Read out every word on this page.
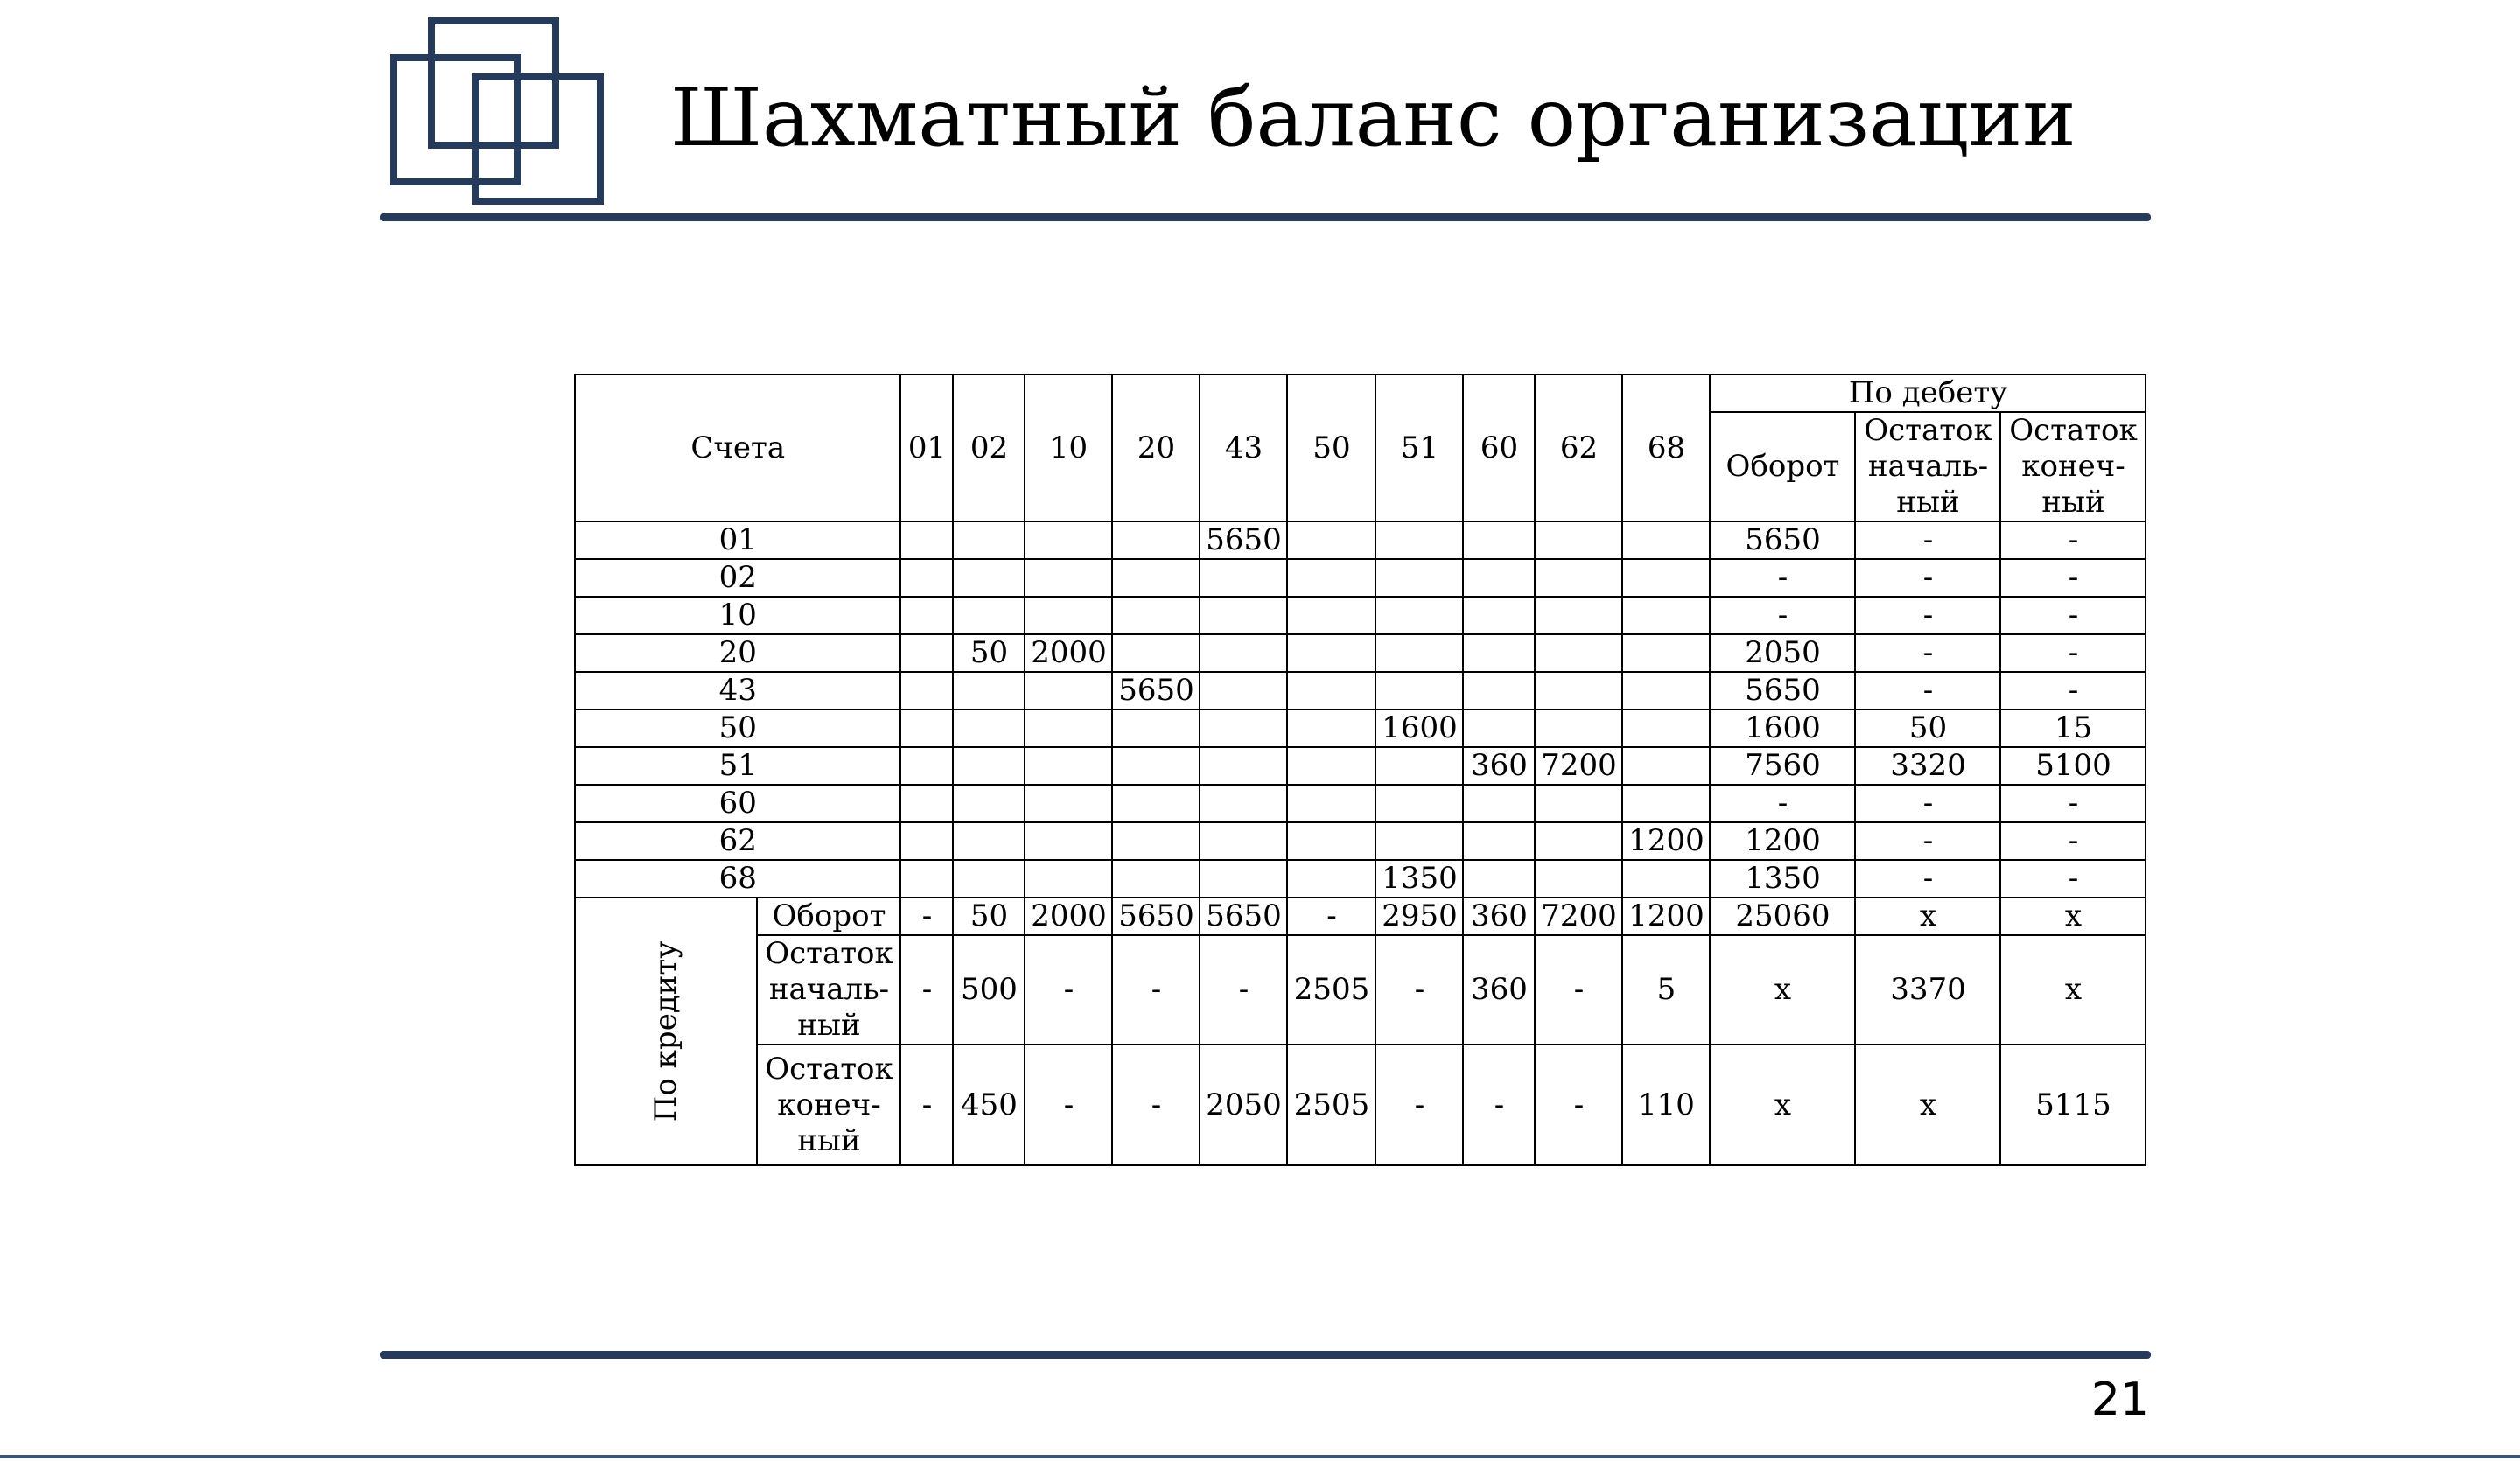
Шахматный баланс организации
Счета		01	02	10	20	43	50	51	60	62	68	По дебету		
												Оборот	Остаток началь-ный	Остаток конеч-ный
01						5650						5650	-	-
02												-	-	-
10												-	-	-
20			50	2000								2050	-	-
43					5650							5650	-	-
50								1600				1600	50	15
51									360	7200		7560	3320	5100
60												-	-	-
62											1200	1200	-	-
68								1350				1350	-	-
По кредиту	Оборот	-	50	2000	5650	5650	-	2950	360	7200	1200	25060	x	x
	Остаток началь-ный	-	500	-	-	-	2505	-	360	-	5	x	3370	x
	Остаток конеч-ный	-	450	-	-	2050	2505	-	-	-	110	x	x	5115
21
